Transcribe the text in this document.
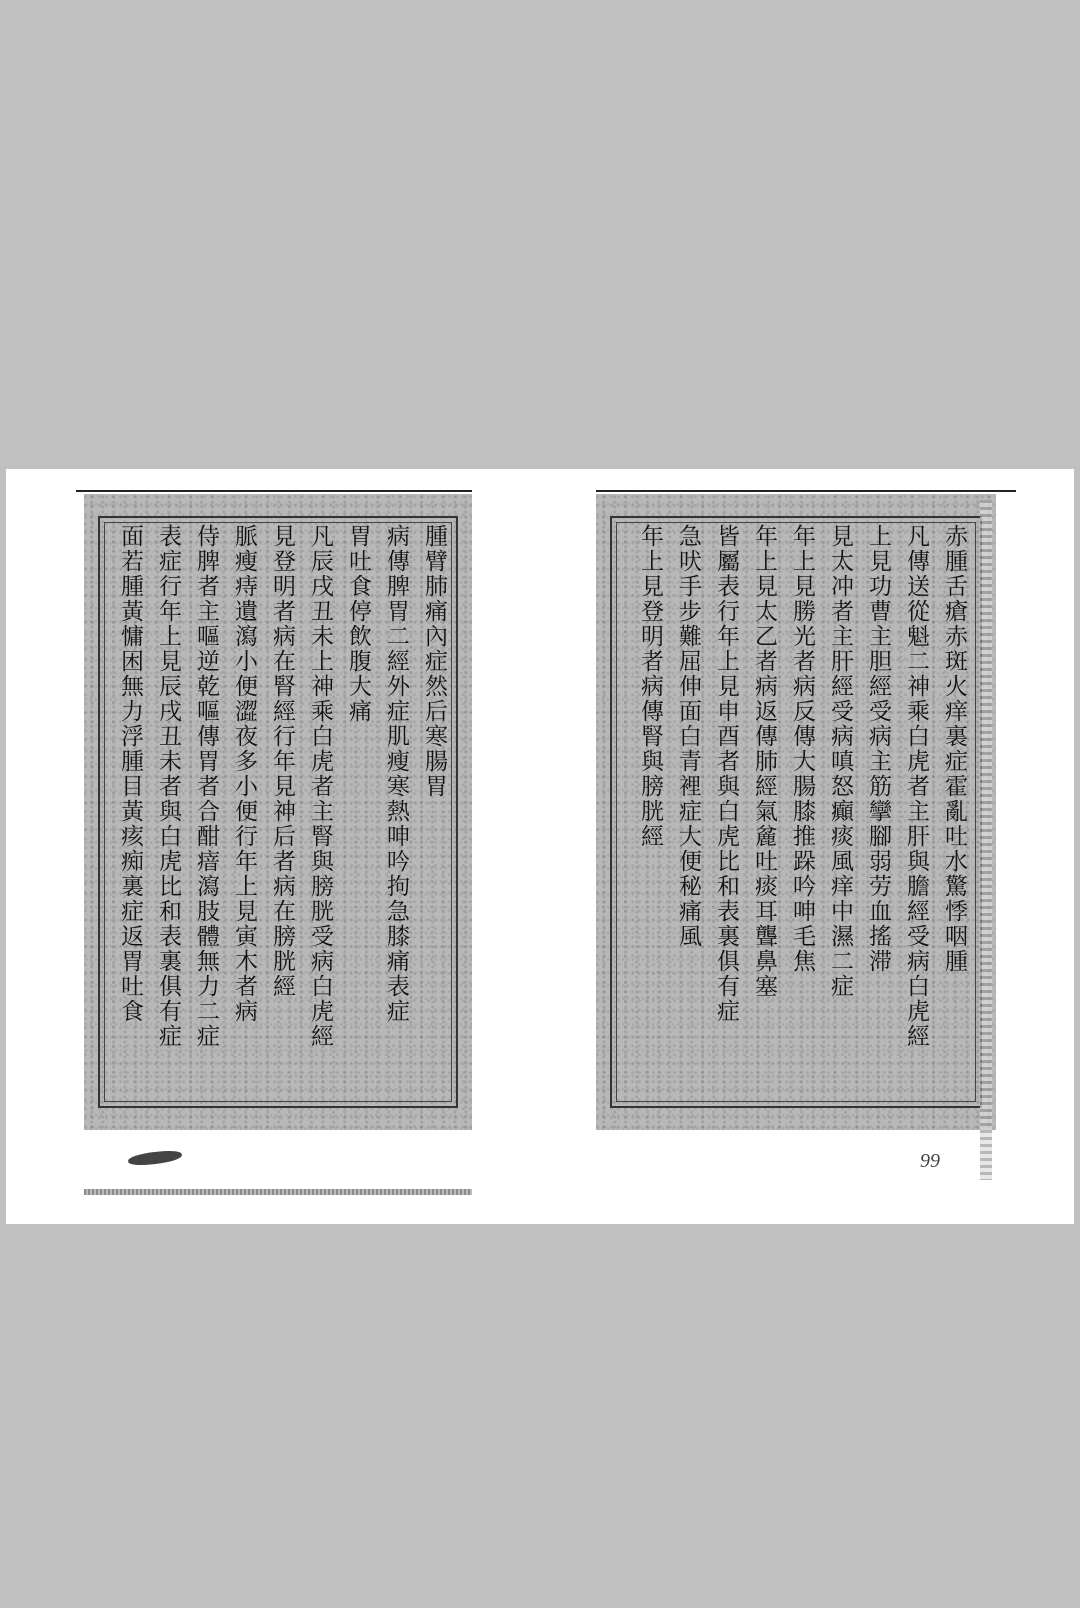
腫臂肺痛內症然后寒腸胃
病傳脾胃二經外症肌瘦寒熱呻吟拘急膝痛表症
胃吐食停飲腹大痛
凡辰戌丑未上神乘白虎者主腎與膀胱受病白虎經
見登明者病在腎經行年見神后者病在膀胱經
脈瘦痔遺瀉小便澀夜多小便行年上見寅木者病
侍脾者主嘔逆乾嘔傳胃者合酣瘖瀉肢體無力二症
表症行年上見辰戌丑未者與白虎比和表裏俱有症
面若腫黃慵困無力浮腫目黃痎痴裏症返胃吐食	赤腫舌瘡赤斑火痒裏症霍亂吐水驚悸咽腫
凡傳送從魁二神乘白虎者主肝與膽經受病白虎經
上見功曹主胆經受病主筋攣腳弱劳血搖滞
見太冲者主肝經受病嗔怒癲痰風痒中濕二症
年上見勝光者病反傳大腸膝推跺吟呻毛焦
年上見太乙者病返傳肺經氣麄吐痰耳聾鼻塞
皆屬表行年上見申酉者與白虎比和表裏俱有症
急吠手步難屈伸面白青裡症大便秘痛風
年上見登明者病傳腎與膀胱經
99
